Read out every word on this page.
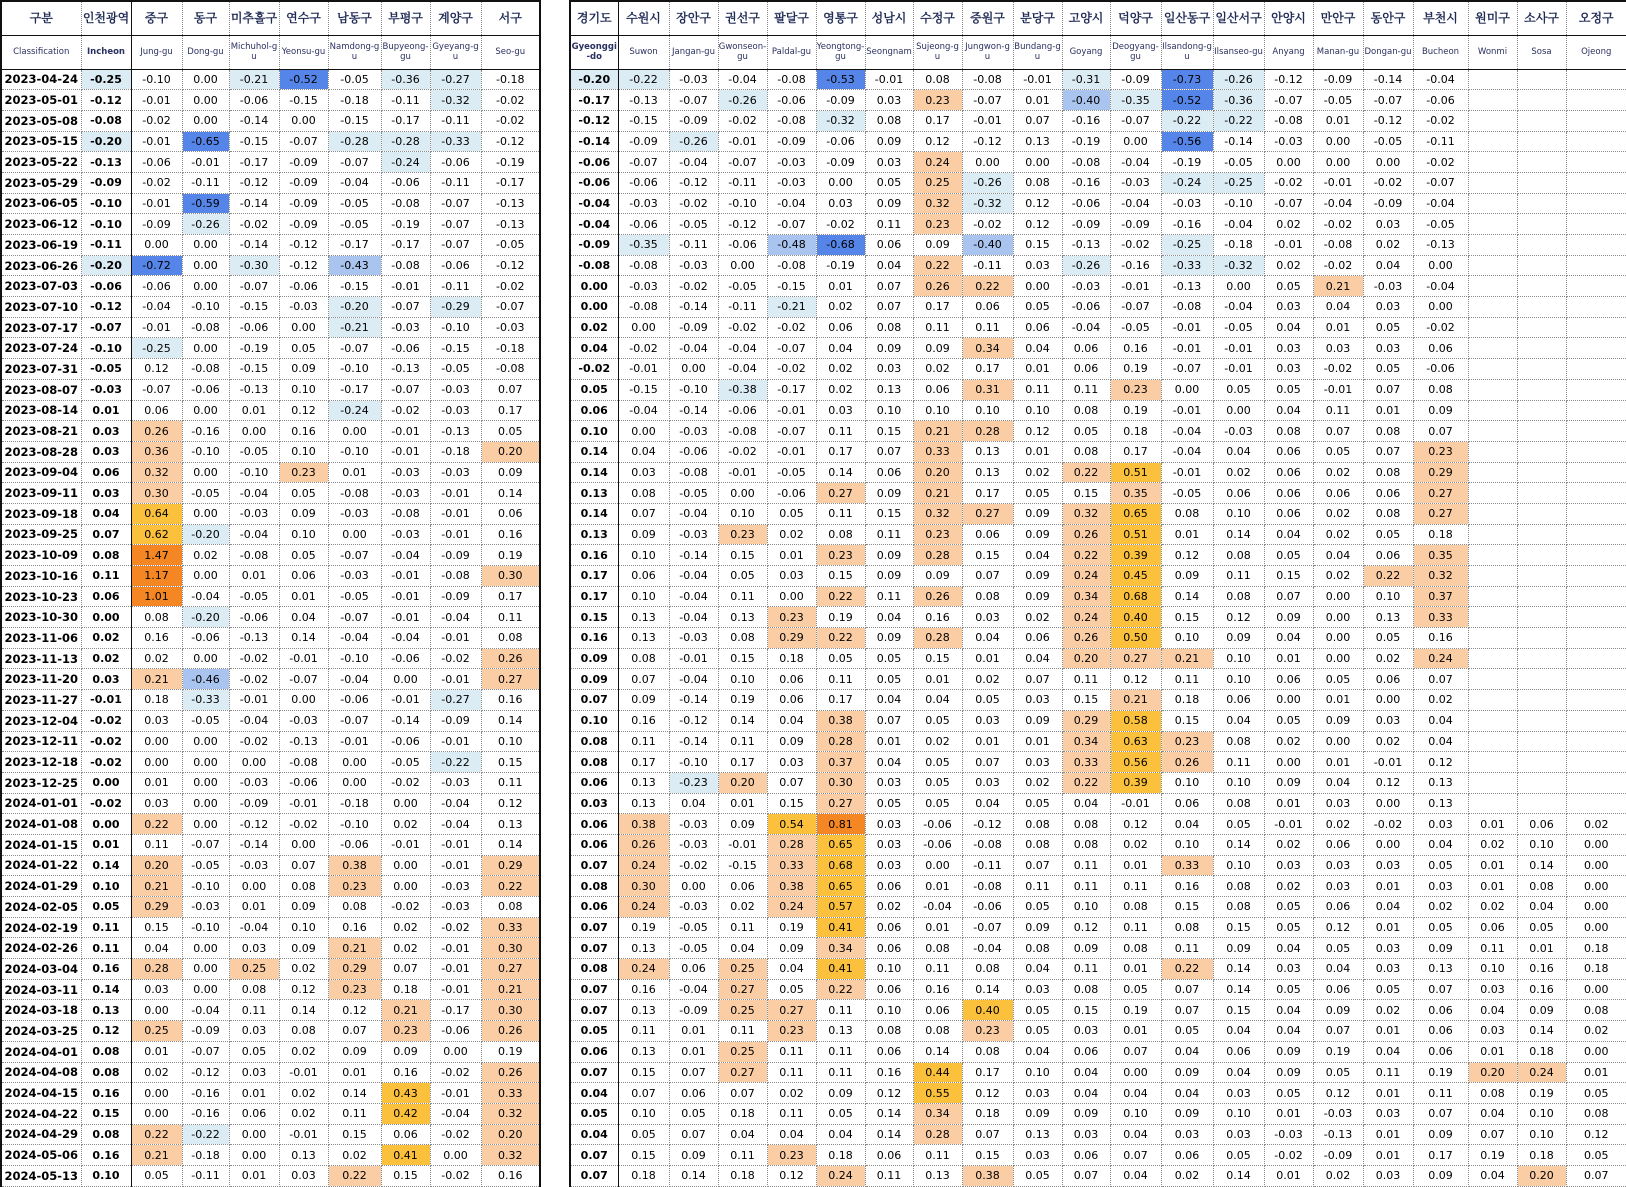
구분	인천광역	중구	동구	미추홀구	연수구	남동구	부평구	계양구	서구

Classification	Incheon	Jung-gu	Dong-gu	Michuhol-gu	Yeonsu-gu	Namdong-gu	Bupyeong-gu	Gyeyang-gu	Seo-gu

2023-04-24	-0.25	-0.10	0.00	-0.21	-0.52	-0.05	-0.36	-0.27	-0.18
2023-05-01	-0.12	-0.01	0.00	-0.06	-0.15	-0.18	-0.11	-0.32	-0.02
2023-05-08	-0.08	-0.02	0.00	-0.14	0.00	-0.15	-0.17	-0.11	-0.02
2023-05-15	-0.20	-0.01	-0.65	-0.15	-0.07	-0.28	-0.28	-0.33	-0.12
2023-05-22	-0.13	-0.06	-0.01	-0.17	-0.09	-0.07	-0.24	-0.06	-0.19
2023-05-29	-0.09	-0.02	-0.11	-0.12	-0.09	-0.04	-0.06	-0.11	-0.17
2023-06-05	-0.10	-0.01	-0.59	-0.14	-0.09	-0.05	-0.08	-0.07	-0.13
2023-06-12	-0.10	-0.09	-0.26	-0.02	-0.09	-0.05	-0.19	-0.07	-0.13
2023-06-19	-0.11	0.00	0.00	-0.14	-0.12	-0.17	-0.17	-0.07	-0.05
2023-06-26	-0.20	-0.72	0.00	-0.30	-0.12	-0.43	-0.08	-0.06	-0.12
2023-07-03	-0.06	-0.06	0.00	-0.07	-0.06	-0.15	-0.01	-0.11	-0.02
2023-07-10	-0.12	-0.04	-0.10	-0.15	-0.03	-0.20	-0.07	-0.29	-0.07
2023-07-17	-0.07	-0.01	-0.08	-0.06	0.00	-0.21	-0.03	-0.10	-0.03
2023-07-24	-0.10	-0.25	0.00	-0.19	0.05	-0.07	-0.06	-0.15	-0.18
2023-07-31	-0.05	0.12	-0.08	-0.15	0.09	-0.10	-0.13	-0.05	-0.08
2023-08-07	-0.03	-0.07	-0.06	-0.13	0.10	-0.17	-0.07	-0.03	0.07
2023-08-14	0.01	0.06	0.00	0.01	0.12	-0.24	-0.02	-0.03	0.17
2023-08-21	0.03	0.26	-0.16	0.00	0.16	0.00	-0.01	-0.13	0.05
2023-08-28	0.03	0.36	-0.10	-0.05	0.10	-0.10	-0.01	-0.18	0.20
2023-09-04	0.06	0.32	0.00	-0.10	0.23	0.01	-0.03	-0.03	0.09
2023-09-11	0.03	0.30	-0.05	-0.04	0.05	-0.08	-0.03	-0.01	0.14
2023-09-18	0.04	0.64	0.00	-0.03	0.09	-0.03	-0.08	-0.01	0.06
2023-09-25	0.07	0.62	-0.20	-0.04	0.10	0.00	-0.03	-0.01	0.16
2023-10-09	0.08	1.47	0.02	-0.08	0.05	-0.07	-0.04	-0.09	0.19
2023-10-16	0.11	1.17	0.00	0.01	0.06	-0.03	-0.01	-0.08	0.30
2023-10-23	0.06	1.01	-0.04	-0.05	0.01	-0.05	-0.01	-0.09	0.17
2023-10-30	0.00	0.08	-0.20	-0.06	0.04	-0.07	-0.01	-0.04	0.11
2023-11-06	0.02	0.16	-0.06	-0.13	0.14	-0.04	-0.04	-0.01	0.08
2023-11-13	0.02	0.02	0.00	-0.02	-0.01	-0.10	-0.06	-0.02	0.26
2023-11-20	0.03	0.21	-0.46	-0.02	-0.07	-0.04	0.00	-0.01	0.27
2023-11-27	-0.01	0.18	-0.33	-0.01	0.00	-0.06	-0.01	-0.27	0.16
2023-12-04	-0.02	0.03	-0.05	-0.04	-0.03	-0.07	-0.14	-0.09	0.14
2023-12-11	-0.02	0.00	0.00	-0.02	-0.13	-0.01	-0.06	-0.01	0.10
2023-12-18	-0.02	0.00	0.00	0.00	-0.08	0.00	-0.05	-0.22	0.15
2023-12-25	0.00	0.01	0.00	-0.03	-0.06	0.00	-0.02	-0.03	0.11
2024-01-01	-0.02	0.03	0.00	-0.09	-0.01	-0.18	0.00	-0.04	0.12
2024-01-08	0.00	0.22	0.00	-0.12	-0.02	-0.10	0.02	-0.04	0.13
2024-01-15	0.01	0.11	-0.07	-0.14	0.00	-0.06	-0.01	-0.01	0.14
2024-01-22	0.14	0.20	-0.05	-0.03	0.07	0.38	0.00	-0.01	0.29
2024-01-29	0.10	0.21	-0.10	0.00	0.08	0.23	0.00	-0.03	0.22
2024-02-05	0.05	0.29	-0.03	0.01	0.09	0.08	-0.02	-0.03	0.08
2024-02-19	0.11	0.15	-0.10	-0.04	0.10	0.16	0.02	-0.02	0.33
2024-02-26	0.11	0.04	0.00	0.03	0.09	0.21	0.02	-0.01	0.30
2024-03-04	0.16	0.28	0.00	0.25	0.02	0.29	0.07	-0.01	0.27
2024-03-11	0.14	0.03	0.00	0.08	0.12	0.23	0.18	-0.01	0.21
2024-03-18	0.13	0.00	-0.04	0.11	0.14	0.12	0.21	-0.17	0.30
2024-03-25	0.12	0.25	-0.09	0.03	0.08	0.07	0.23	-0.06	0.26
2024-04-01	0.08	0.01	-0.07	0.05	0.02	0.09	0.09	0.00	0.19
2024-04-08	0.08	0.02	-0.12	0.03	-0.01	0.01	0.16	-0.02	0.26
2024-04-15	0.16	0.00	-0.16	0.01	0.02	0.14	0.43	-0.01	0.33
2024-04-22	0.15	0.00	-0.16	0.06	0.02	0.11	0.42	-0.04	0.32
2024-04-29	0.08	0.22	-0.22	0.00	-0.01	0.15	0.06	-0.02	0.20
2024-05-06	0.16	0.21	-0.18	0.00	0.13	0.02	0.41	0.00	0.32
2024-05-13	0.10	0.05	-0.11	0.01	0.03	0.22	0.15	-0.02	0.16
경기도	수원시	장안구	권선구	팔달구	영통구	성남시	수정구	중원구	분당구	고양시	덕양구	일산동구	일산서구	안양시	만안구	동안구	부천시	원미구	소사구	오정구

Gyeonggi-do	Suwon	Jangan-gu	Gwonseon-gu	Paldal-gu	Yeongtong-gu	Seongnam	Sujeong-gu	Jungwon-gu	Bundang-gu	Goyang	Deogyang-gu	Ilsandong-gu	Ilsanseo-gu	Anyang	Manan-gu	Dongan-gu	Bucheon	Wonmi	Sosa	Ojeong

-0.20	-0.22	-0.03	-0.04	-0.08	-0.53	-0.01	0.08	-0.08	-0.01	-0.31	-0.09	-0.73	-0.26	-0.12	-0.09	-0.14	-0.04			
-0.17	-0.13	-0.07	-0.26	-0.06	-0.09	0.03	0.23	-0.07	0.01	-0.40	-0.35	-0.52	-0.36	-0.07	-0.05	-0.07	-0.06			
-0.12	-0.15	-0.09	-0.02	-0.08	-0.32	0.08	0.17	-0.01	0.07	-0.16	-0.07	-0.22	-0.22	-0.08	0.01	-0.12	-0.02			
-0.14	-0.09	-0.26	-0.01	-0.09	-0.06	0.09	0.12	-0.12	0.13	-0.19	0.00	-0.56	-0.14	-0.03	0.00	-0.05	-0.11			
-0.06	-0.07	-0.04	-0.07	-0.03	-0.09	0.03	0.24	0.00	0.00	-0.08	-0.04	-0.19	-0.05	0.00	0.00	0.00	-0.02			
-0.06	-0.06	-0.12	-0.11	-0.03	0.00	0.05	0.25	-0.26	0.08	-0.16	-0.03	-0.24	-0.25	-0.02	-0.01	-0.02	-0.07			
-0.04	-0.03	-0.02	-0.10	-0.04	0.03	0.09	0.32	-0.32	0.12	-0.06	-0.04	-0.03	-0.10	-0.07	-0.04	-0.09	-0.04			
-0.04	-0.06	-0.05	-0.12	-0.07	-0.02	0.11	0.23	-0.02	0.12	-0.09	-0.09	-0.16	-0.04	0.02	-0.02	0.03	-0.05			
-0.09	-0.35	-0.11	-0.06	-0.48	-0.68	0.06	0.09	-0.40	0.15	-0.13	-0.02	-0.25	-0.18	-0.01	-0.08	0.02	-0.13			
-0.08	-0.08	-0.03	0.00	-0.08	-0.19	0.04	0.22	-0.11	0.03	-0.26	-0.16	-0.33	-0.32	0.02	-0.02	0.04	0.00			
0.00	-0.03	-0.02	-0.05	-0.15	0.01	0.07	0.26	0.22	0.00	-0.03	-0.01	-0.13	0.00	0.05	0.21	-0.03	-0.04			
0.00	-0.08	-0.14	-0.11	-0.21	0.02	0.07	0.17	0.06	0.05	-0.06	-0.07	-0.08	-0.04	0.03	0.04	0.03	0.00			
0.02	0.00	-0.09	-0.02	-0.02	0.06	0.08	0.11	0.11	0.06	-0.04	-0.05	-0.01	-0.05	0.04	0.01	0.05	-0.02			
0.04	-0.02	-0.04	-0.04	-0.07	0.04	0.09	0.09	0.34	0.04	0.06	0.16	-0.01	-0.01	0.03	0.03	0.03	0.06			
-0.02	-0.01	0.00	-0.04	-0.02	0.02	0.03	0.02	0.17	0.01	0.06	0.19	-0.07	-0.01	0.03	-0.02	0.05	-0.06			
0.05	-0.15	-0.10	-0.38	-0.17	0.02	0.13	0.06	0.31	0.11	0.11	0.23	0.00	0.05	0.05	-0.01	0.07	0.08			
0.06	-0.04	-0.14	-0.06	-0.01	0.03	0.10	0.10	0.10	0.10	0.08	0.19	-0.01	0.00	0.04	0.11	0.01	0.09			
0.10	0.00	-0.03	-0.08	-0.07	0.11	0.15	0.21	0.28	0.12	0.05	0.18	-0.04	-0.03	0.08	0.07	0.08	0.07			
0.14	0.04	-0.06	-0.02	-0.01	0.17	0.07	0.33	0.13	0.01	0.08	0.17	-0.04	0.04	0.06	0.05	0.07	0.23			
0.14	0.03	-0.08	-0.01	-0.05	0.14	0.06	0.20	0.13	0.02	0.22	0.51	-0.01	0.02	0.06	0.02	0.08	0.29			
0.13	0.08	-0.05	0.00	-0.06	0.27	0.09	0.21	0.17	0.05	0.15	0.35	-0.05	0.06	0.06	0.06	0.06	0.27			
0.14	0.07	-0.04	0.10	0.05	0.11	0.15	0.32	0.27	0.09	0.32	0.65	0.08	0.10	0.06	0.02	0.08	0.27			
0.13	0.09	-0.03	0.23	0.02	0.08	0.11	0.23	0.06	0.09	0.26	0.51	0.01	0.14	0.04	0.02	0.05	0.18			
0.16	0.10	-0.14	0.15	0.01	0.23	0.09	0.28	0.15	0.04	0.22	0.39	0.12	0.08	0.05	0.04	0.06	0.35			
0.17	0.06	-0.04	0.05	0.03	0.15	0.09	0.09	0.07	0.09	0.24	0.45	0.09	0.11	0.15	0.02	0.22	0.32			
0.17	0.10	-0.04	0.11	0.00	0.22	0.11	0.26	0.08	0.09	0.34	0.68	0.14	0.08	0.07	0.00	0.10	0.37			
0.15	0.13	-0.04	0.13	0.23	0.19	0.04	0.16	0.03	0.02	0.24	0.40	0.15	0.12	0.09	0.00	0.13	0.33			
0.16	0.13	-0.03	0.08	0.29	0.22	0.09	0.28	0.04	0.06	0.26	0.50	0.10	0.09	0.04	0.00	0.05	0.16			
0.09	0.08	-0.01	0.15	0.18	0.05	0.05	0.15	0.01	0.04	0.20	0.27	0.21	0.10	0.01	0.00	0.02	0.24			
0.09	0.07	-0.04	0.10	0.06	0.11	0.05	0.01	0.02	0.07	0.11	0.12	0.11	0.10	0.06	0.05	0.06	0.07			
0.07	0.09	-0.14	0.19	0.06	0.17	0.04	0.04	0.05	0.03	0.15	0.21	0.18	0.06	0.00	0.01	0.00	0.02			
0.10	0.16	-0.12	0.14	0.04	0.38	0.07	0.05	0.03	0.09	0.29	0.58	0.15	0.04	0.05	0.09	0.03	0.04			
0.08	0.11	-0.14	0.11	0.09	0.28	0.01	0.02	0.01	0.01	0.34	0.63	0.23	0.08	0.02	0.00	0.02	0.04			
0.08	0.17	-0.10	0.17	0.03	0.37	0.04	0.05	0.07	0.03	0.33	0.56	0.26	0.11	0.00	0.01	-0.01	0.12			
0.06	0.13	-0.23	0.20	0.07	0.30	0.03	0.05	0.03	0.02	0.22	0.39	0.10	0.10	0.09	0.04	0.12	0.13			
0.03	0.13	0.04	0.01	0.15	0.27	0.05	0.05	0.04	0.05	0.04	-0.01	0.06	0.08	0.01	0.03	0.00	0.13			
0.06	0.38	-0.03	0.09	0.54	0.81	0.03	-0.06	-0.12	0.08	0.08	0.12	0.04	0.05	-0.01	0.02	-0.02	0.03	0.01	0.06	0.02
0.06	0.26	-0.03	-0.01	0.28	0.65	0.03	-0.06	-0.08	0.08	0.08	0.02	0.10	0.14	0.02	0.06	0.00	0.04	0.02	0.10	0.00
0.07	0.24	-0.02	-0.15	0.33	0.68	0.03	0.00	-0.11	0.07	0.11	0.01	0.33	0.10	0.03	0.03	0.03	0.05	0.01	0.14	0.00
0.08	0.30	0.00	0.06	0.38	0.65	0.06	0.01	-0.08	0.11	0.11	0.11	0.16	0.08	0.02	0.03	0.01	0.03	0.01	0.08	0.00
0.06	0.24	-0.03	0.02	0.24	0.57	0.02	-0.04	-0.06	0.05	0.10	0.08	0.15	0.08	0.05	0.06	0.04	0.02	0.02	0.04	0.00
0.07	0.19	-0.05	0.11	0.19	0.41	0.06	0.01	-0.07	0.09	0.12	0.11	0.08	0.15	0.05	0.12	0.01	0.05	0.06	0.05	0.00
0.07	0.13	-0.05	0.04	0.09	0.34	0.06	0.08	-0.04	0.08	0.09	0.08	0.11	0.09	0.04	0.05	0.03	0.09	0.11	0.01	0.18
0.08	0.24	0.06	0.25	0.04	0.41	0.10	0.11	0.08	0.04	0.11	0.01	0.22	0.14	0.03	0.04	0.03	0.13	0.10	0.16	0.18
0.07	0.16	-0.04	0.27	0.05	0.22	0.06	0.16	0.14	0.03	0.08	0.05	0.07	0.14	0.05	0.06	0.05	0.07	0.03	0.16	0.00
0.07	0.13	-0.09	0.25	0.27	0.11	0.10	0.06	0.40	0.05	0.15	0.19	0.07	0.15	0.04	0.09	0.02	0.06	0.04	0.09	0.08
0.05	0.11	0.01	0.11	0.23	0.13	0.08	0.08	0.23	0.05	0.03	0.01	0.05	0.04	0.04	0.07	0.01	0.06	0.03	0.14	0.02
0.06	0.13	0.01	0.25	0.11	0.11	0.06	0.14	0.08	0.04	0.06	0.07	0.04	0.06	0.09	0.19	0.04	0.06	0.01	0.18	0.00
0.07	0.15	0.07	0.27	0.11	0.11	0.16	0.44	0.17	0.10	0.04	0.00	0.09	0.04	0.09	0.05	0.11	0.19	0.20	0.24	0.01
0.04	0.07	0.06	0.07	0.02	0.09	0.12	0.55	0.12	0.03	0.04	0.04	0.04	0.03	0.05	0.12	0.01	0.11	0.08	0.19	0.05
0.05	0.10	0.05	0.18	0.11	0.05	0.14	0.34	0.18	0.09	0.09	0.10	0.09	0.10	0.01	-0.03	0.03	0.07	0.04	0.10	0.08
0.04	0.05	0.07	0.04	0.04	0.04	0.14	0.28	0.07	0.13	0.03	0.04	0.03	0.03	-0.03	-0.13	0.01	0.09	0.07	0.10	0.12
0.07	0.15	0.09	0.11	0.23	0.18	0.06	0.11	0.15	0.03	0.06	0.07	0.06	0.05	-0.02	-0.09	0.01	0.17	0.19	0.18	0.05
0.07	0.18	0.14	0.18	0.12	0.24	0.11	0.13	0.38	0.05	0.07	0.04	0.02	0.14	0.01	0.02	0.03	0.09	0.04	0.20	0.07
